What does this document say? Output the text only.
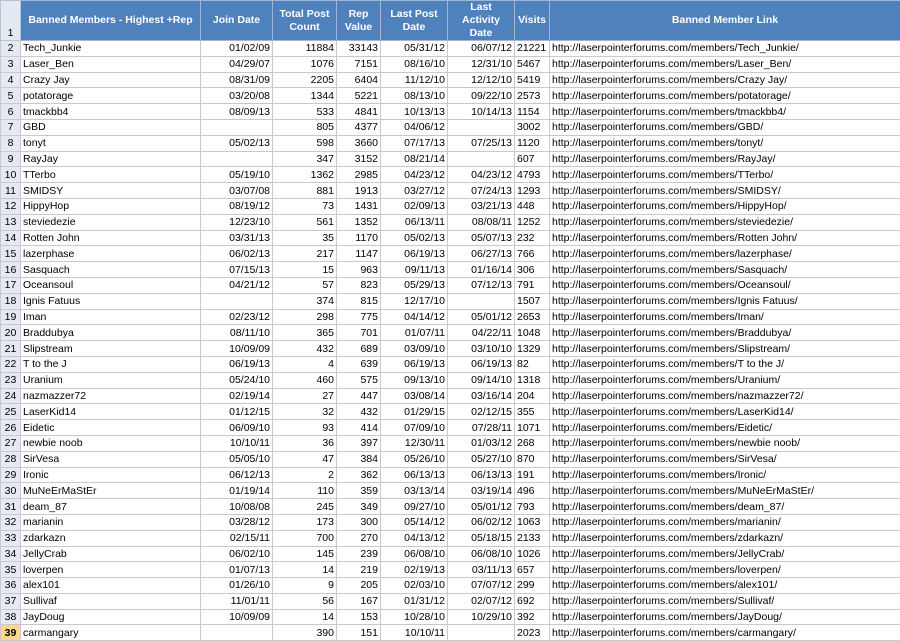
1	Banned Members - Highest +Rep	Join Date	Total Post Count	Rep Value	Last Post Date	Last Activity Date	Visits	Banned Member Link
2	Tech_Junkie	01/02/09	11884	33143	05/31/12	06/07/12	21221	http://laserpointerforums.com/members/Tech_Junkie/
3	Laser_Ben	04/29/07	1076	7151	08/16/10	12/31/10	5467	http://laserpointerforums.com/members/Laser_Ben/
4	Crazy Jay	08/31/09	2205	6404	11/12/10	12/12/10	5419	http://laserpointerforums.com/members/Crazy Jay/
5	potatorage	03/20/08	1344	5221	08/13/10	09/22/10	2573	http://laserpointerforums.com/members/potatorage/
6	tmackbb4	08/09/13	533	4841	10/13/13	10/14/13	1154	http://laserpointerforums.com/members/tmackbb4/
7	GBD		805	4377	04/06/12		3002	http://laserpointerforums.com/members/GBD/
8	tonyt	05/02/13	598	3660	07/17/13	07/25/13	1120	http://laserpointerforums.com/members/tonyt/
9	RayJay		347	3152	08/21/14		607	http://laserpointerforums.com/members/RayJay/
10	TTerbo	05/19/10	1362	2985	04/23/12	04/23/12	4793	http://laserpointerforums.com/members/TTerbo/
11	SMIDSY	03/07/08	881	1913	03/27/12	07/24/13	1293	http://laserpointerforums.com/members/SMIDSY/
12	HippyHop	08/19/12	73	1431	02/09/13	03/21/13	448	http://laserpointerforums.com/members/HippyHop/
13	steviedezie	12/23/10	561	1352	06/13/11	08/08/11	1252	http://laserpointerforums.com/members/steviedezie/
14	Rotten John	03/31/13	35	1170	05/02/13	05/07/13	232	http://laserpointerforums.com/members/Rotten John/
15	lazerphase	06/02/13	217	1147	06/19/13	06/27/13	766	http://laserpointerforums.com/members/lazerphase/
16	Sasquach	07/15/13	15	963	09/11/13	01/16/14	306	http://laserpointerforums.com/members/Sasquach/
17	Oceansoul	04/21/12	57	823	05/29/13	07/12/13	791	http://laserpointerforums.com/members/Oceansoul/
18	Ignis Fatuus		374	815	12/17/10		1507	http://laserpointerforums.com/members/Ignis Fatuus/
19	Iman	02/23/12	298	775	04/14/12	05/01/12	2653	http://laserpointerforums.com/members/Iman/
20	Braddubya	08/11/10	365	701	01/07/11	04/22/11	1048	http://laserpointerforums.com/members/Braddubya/
21	Slipstream	10/09/09	432	689	03/09/10	03/10/10	1329	http://laserpointerforums.com/members/Slipstream/
22	T to the J	06/19/13	4	639	06/19/13	06/19/13	82	http://laserpointerforums.com/members/T to the J/
23	Uranium	05/24/10	460	575	09/13/10	09/14/10	1318	http://laserpointerforums.com/members/Uranium/
24	nazmazzer72	02/19/14	27	447	03/08/14	03/16/14	204	http://laserpointerforums.com/members/nazmazzer72/
25	LaserKid14	01/12/15	32	432	01/29/15	02/12/15	355	http://laserpointerforums.com/members/LaserKid14/
26	Eidetic	06/09/10	93	414	07/09/10	07/28/11	1071	http://laserpointerforums.com/members/Eidetic/
27	newbie noob	10/10/11	36	397	12/30/11	01/03/12	268	http://laserpointerforums.com/members/newbie noob/
28	SirVesa	05/05/10	47	384	05/26/10	05/27/10	870	http://laserpointerforums.com/members/SirVesa/
29	Ironic	06/12/13	2	362	06/13/13	06/13/13	191	http://laserpointerforums.com/members/Ironic/
30	MuNeErMaStEr	01/19/14	110	359	03/13/14	03/19/14	496	http://laserpointerforums.com/members/MuNeErMaStEr/
31	deam_87	10/08/08	245	349	09/27/10	05/01/12	793	http://laserpointerforums.com/members/deam_87/
32	marianin	03/28/12	173	300	05/14/12	06/02/12	1063	http://laserpointerforums.com/members/marianin/
33	zdarkazn	02/15/11	700	270	04/13/12	05/18/15	2133	http://laserpointerforums.com/members/zdarkazn/
34	JellyCrab	06/02/10	145	239	06/08/10	06/08/10	1026	http://laserpointerforums.com/members/JellyCrab/
35	loverpen	01/07/13	14	219	02/19/13	03/11/13	657	http://laserpointerforums.com/members/loverpen/
36	alex101	01/26/10	9	205	02/03/10	07/07/12	299	http://laserpointerforums.com/members/alex101/
37	Sullivaf	11/01/11	56	167	01/31/12	02/07/12	692	http://laserpointerforums.com/members/Sullivaf/
38	JayDoug	10/09/09	14	153	10/28/10	10/29/10	392	http://laserpointerforums.com/members/JayDoug/
39	carmangary		390	151	10/10/11		2023	http://laserpointerforums.com/members/carmangary/
